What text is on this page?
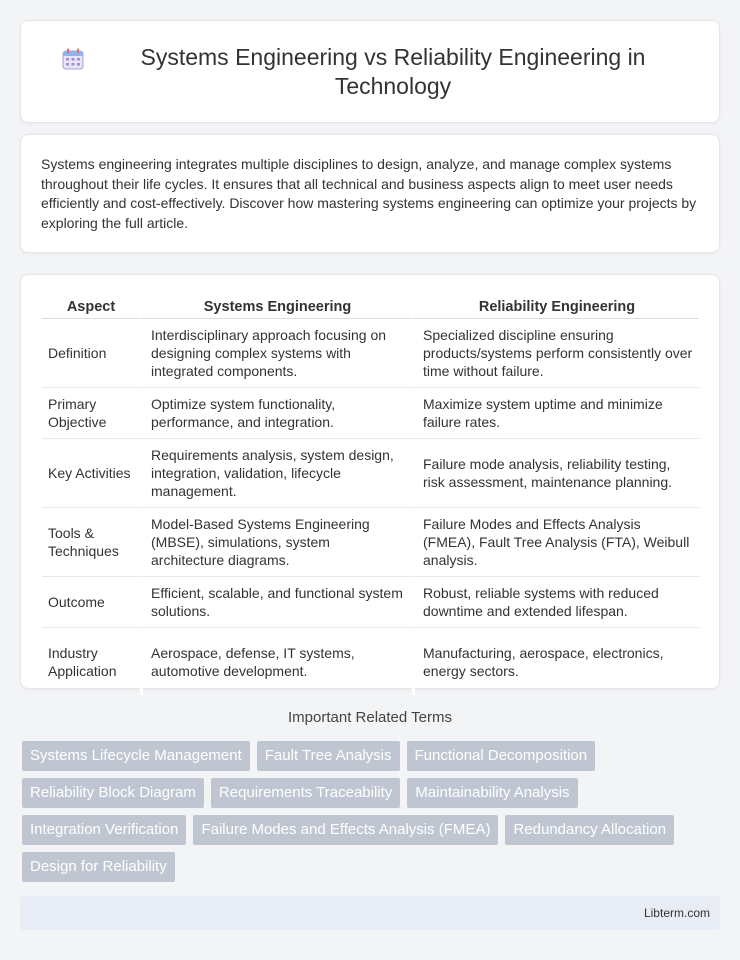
Systems Engineering vs Reliability Engineering in Technology

Systems engineering integrates multiple disciplines to design, analyze, and manage complex systems throughout their life cycles. It ensures that all technical and business aspects align to meet user needs efficiently and cost-effectively. Discover how mastering systems engineering can optimize your projects by exploring the full article.

Aspect	Systems Engineering	Reliability Engineering
Definition	Interdisciplinary approach focusing on designing complex systems with integrated components.	Specialized discipline ensuring products/systems perform consistently over time without failure.
Primary Objective	Optimize system functionality, performance, and integration.	Maximize system uptime and minimize failure rates.
Key Activities	Requirements analysis, system design, integration, validation, lifecycle management.	Failure mode analysis, reliability testing, risk assessment, maintenance planning.
Tools & Techniques	Model-Based Systems Engineering (MBSE), simulations, system architecture diagrams.	Failure Modes and Effects Analysis (FMEA), Fault Tree Analysis (FTA), Weibull analysis.
Outcome	Efficient, scalable, and functional system solutions.	Robust, reliable systems with reduced downtime and extended lifespan.
Industry Application	Aerospace, defense, IT systems, automotive development.	Manufacturing, aerospace, electronics, energy sectors.
Important Related Terms
Systems Lifecycle Management	Fault Tree Analysis	Functional Decomposition
Reliability Block Diagram	Requirements Traceability	Maintainability Analysis
Integration Verification	Failure Modes and Effects Analysis (FMEA)	Redundancy Allocation
Design for Reliability
Libterm.com
